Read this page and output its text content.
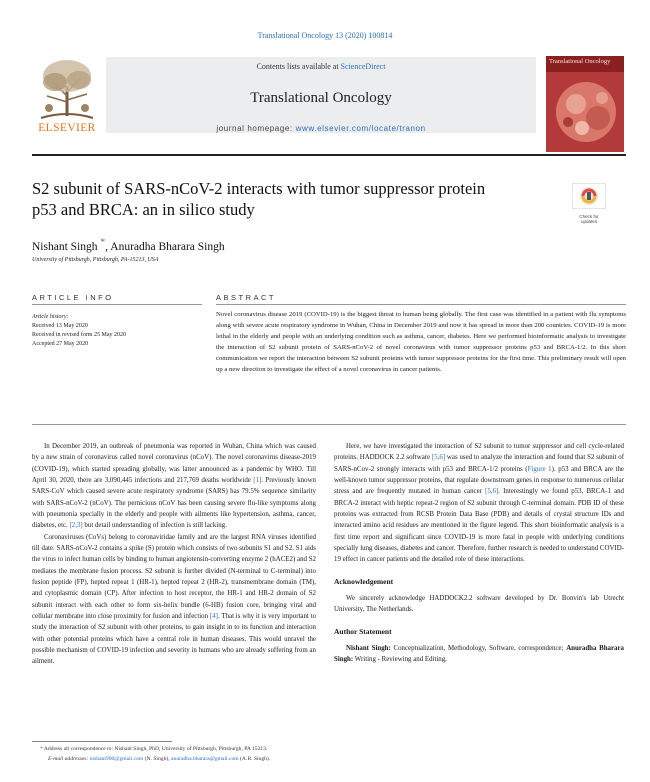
Translational Oncology 13 (2020) 100814
ELSEVIER
Contents lists available at ScienceDirect
Translational Oncology
journal homepage: www.elsevier.com/locate/tranon
Translational Oncology
S2 subunit of SARS-nCoV-2 interacts with tumor suppressor protein p53 and BRCA: an in silico study	Check for updates
Nishant Singh *, Anuradha Bharara Singh
University of Pittsburgh, Pittsburgh, PA-15213, USA
ARTICLE INFO	ABSTRACT
Article history:
Received 13 May 2020
Received in revised form 25 May 2020
Accepted 27 May 2020
Novel coronavirus disease 2019 (COVID-19) is the biggest threat to human being globally. The first case was identified in a patient with flu symptoms along with severe acute respiratory syndrome in Wuhan, China in December 2019 and now it has spread in more than 200 countries. COVID-19 is more lethal in the elderly and people with an underlying condition such as asthma, cancer, diabetes. Here we performed bioinformatic analysis to investigate the interaction of S2 subunit protein of SARS-nCoV-2 of novel coronavirus with tumor suppressor proteins p53 and BRCA-1/2. In this short communication we report the interaction between S2 subunit proteins with tumor suppressor proteins for the first time. This preliminary result will open up a new direction to investigate the effect of a novel coronavirus in cancer patients.

In December 2019, an outbreak of pneumonia was reported in Wuhan, China which was caused by a new strain of coronavirus called novel coronavirus (nCoV). The novel coronavirus disease-2019 (COVID-19), which started spreading globally, was latter announced as a pandemic by WHO. Till April 30, 2020, there are 3,090,445 infections and 217,769 deaths worldwide [1]. Previously known SARS-CoV which caused severe acute respiratory syndrome (SARS) has 79.5% sequence similarity with SARS-nCoV-2 (nCoV). The pernicious nCoV has been causing severe flu-like symptoms along with pneumonia specially in the elderly and people with ailments like hypertension, asthma, cancer, diabetes, etc. [2,3] but detail understanding of infection is still lacking.

Coronaviruses (CoVs) belong to coronaviridae family and are the largest RNA viruses identified till date. SARS-nCoV-2 contains a spike (S) protein which consists of two subunits S1 and S2. S1 aids the virus to infect human cells by binding to human angiotensin-converting enzyme 2 (hACE2) and S2 mediates the membrane fusion process. S2 subunit is further divided (N-terminal to C-terminal) into fusion peptide (FP), hepted repeat 1 (HR-1), hepted repeat 2 (HR-2), transmembrane domain (TM), and cytoplasmic domain (CP). After infection to host receptor, the HR-1 and HR-2 domain of S2 subunit interact with each other to form six-helix bundle (6-HB) fusion core, bringing viral and cellular membrane into close proximity for fusion and infection [4]. That is why it is very important to study the interaction of S2 subunit with other proteins, to gain insight in to its function and interaction with other potential proteins which have a central role in human diseases. This would unravel the possible mechanism of COVID-19 infection and severity in humans who are already suffering from an ailment.

Here, we have investigated the interaction of S2 subunit to tumor suppressor and cell cycle-related proteins. HADDOCK 2.2 software [5,6] was used to analyze the interaction and found that S2 subunit of SARS-nCov-2 strongly interacts with p53 and BRCA-1/2 proteins (Figure 1). p53 and BRCA are the well-known tumor suppressor proteins, that regulate downstream genes in response to numerous cellular stress and are frequently mutated in human cancer [5,6]. Interestingly we found p53, BRCA-1 and BRCA-2 interact with heptic repeat-2 region of S2 subunit through C-terminal domain. PDB ID of these proteins was extracted from RCSB Protein Data Base (PDB) and details of crystal structure IDs and interacted amino acid residues are mentioned in the figure legend. This short bioinformatic analysis is a first time report and significant since COVID-19 is more fatal in people with underlying conditions specially lung diseases, diabetes and cancer. Therefore, further research is needed to understand COVID-19 effect in cancer patients and the detailed role of these interactions.

Acknowledgement

We sincerely acknowledge HADDOCK2.2 software developed by Dr. Bonvin's lab Utrecht University, The Netherlands.

Author Statement

Nishant Singh: Conceptualization, Methodology, Software, correspondence; Anuradha Bharara Singh: Writing - Reviewing and Editing,

* Address all correspondence to: Nishant Singh, PhD, University of Pittsburgh, Pittsburgh, PA 15213.
E-mail addresses: nishant900@gmail.com (N. Singh), anuradha.bharara@gmail.com (A.B. Singh).
